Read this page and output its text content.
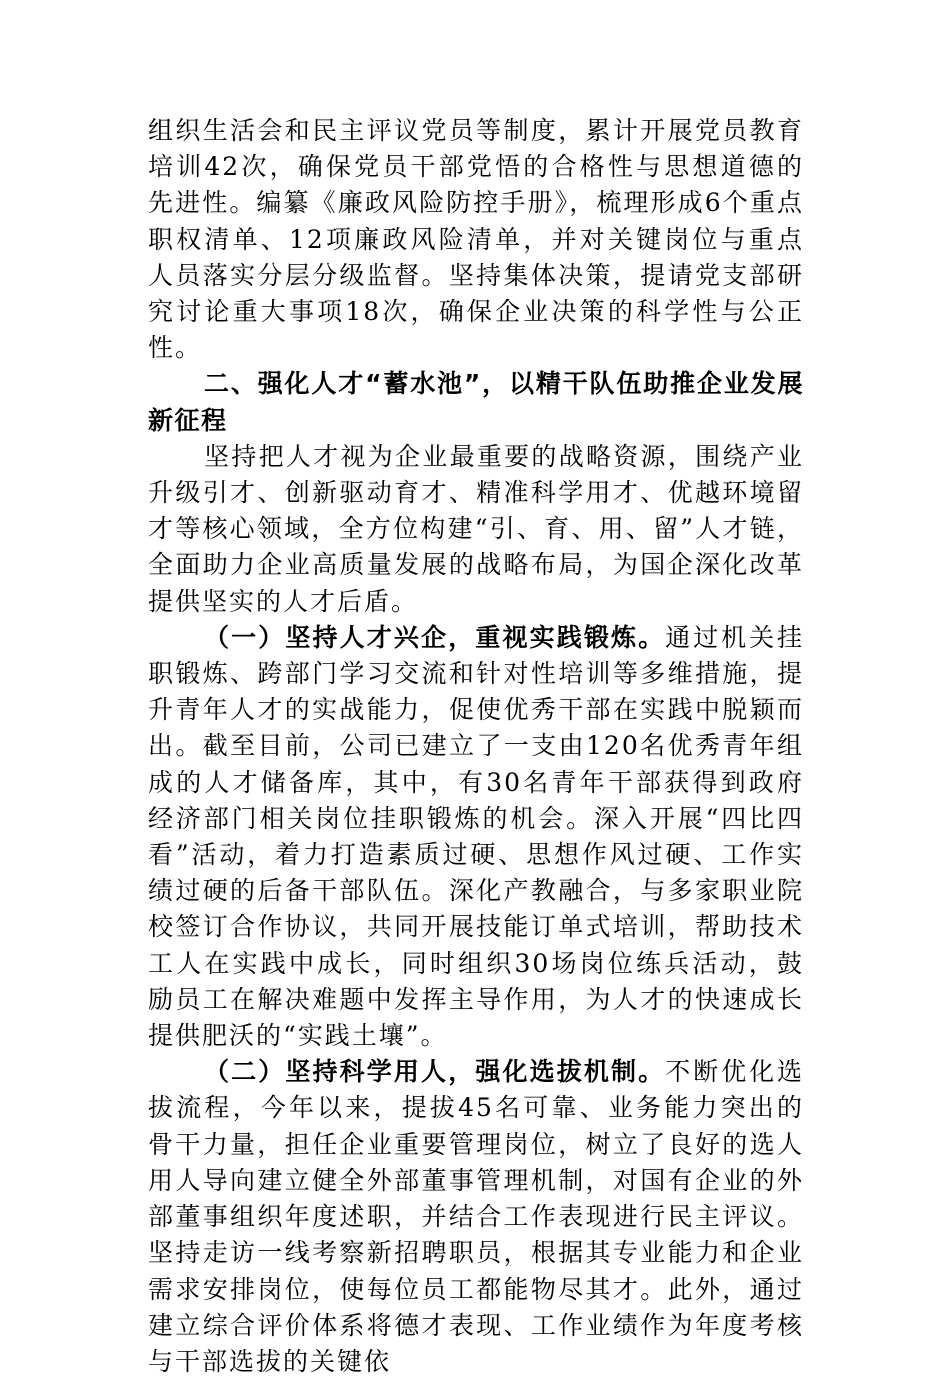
组织生活会和民主评议党员等制度，累计开展党员教育培训42次，确保党员干部党悟的合格性与思想道德的先进性。编纂《廉政风险防控手册》，梳理形成6个重点职权清单、12项廉政风险清单，并对关键岗位与重点人员落实分层分级监督。坚持集体决策，提请党支部研究讨论重大事项18次，确保企业决策的科学性与公正性。

二、强化人才“蓄水池”，以精干队伍助推企业发展新征程

坚持把人才视为企业最重要的战略资源，围绕产业升级引才、创新驱动育才、精准科学用才、优越环境留才等核心领域，全方位构建“引、育、用、留”人才链，全面助力企业高质量发展的战略布局，为国企深化改革提供坚实的人才后盾。

（一）坚持人才兴企，重视实践锻炼。通过机关挂职锻炼、跨部门学习交流和针对性培训等多维措施，提升青年人才的实战能力，促使优秀干部在实践中脱颖而出。截至目前，公司已建立了一支由120名优秀青年组成的人才储备库，其中，有30名青年干部获得到政府经济部门相关岗位挂职锻炼的机会。深入开展“四比四看”活动，着力打造素质过硬、思想作风过硬、工作实绩过硬的后备干部队伍。深化产教融合，与多家职业院校签订合作协议，共同开展技能订单式培训，帮助技术工人在实践中成长，同时组织30场岗位练兵活动，鼓励员工在解决难题中发挥主导作用，为人才的快速成长提供肥沃的“实践土壤”。

（二）坚持科学用人，强化选拔机制。不断优化选拔流程，今年以来，提拔45名可靠、业务能力突出的骨干力量，担任企业重要管理岗位，树立了良好的选人用人导向建立健全外部董事管理机制，对国有企业的外部董事组织年度述职，并结合工作表现进行民主评议。坚持走访一线考察新招聘职员，根据其专业能力和企业需求安排岗位，使每位员工都能物尽其才。此外，通过建立综合评价体系将德才表现、工作业绩作为年度考核与干部选拔的关键依
